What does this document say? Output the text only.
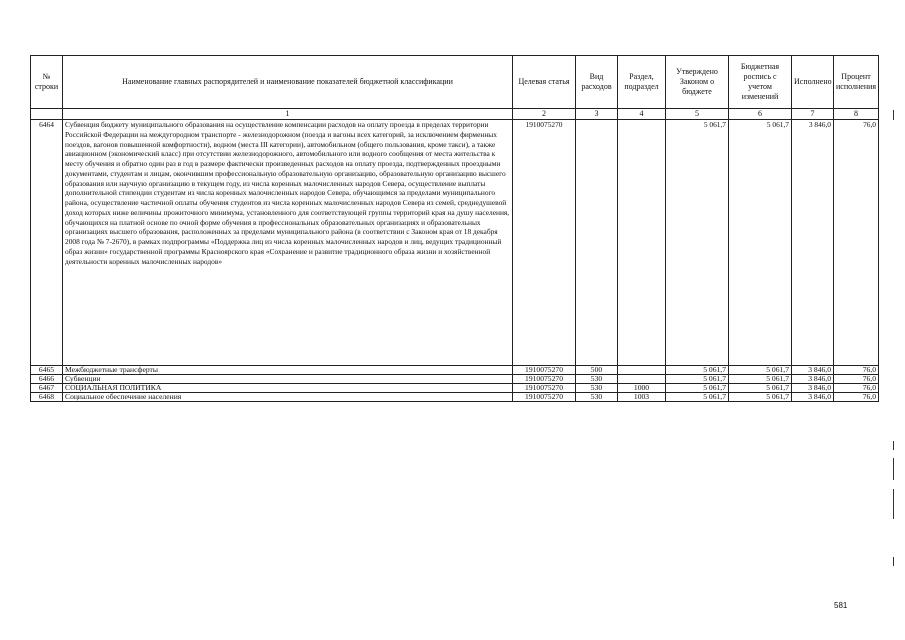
№ строки	Наименование главных распорядителей и наименование показателей бюджетной классификации	Целевая статья	Вид расходов	Раздел, подраздел	Утверждено Законом о бюджете	Бюджетная роспись с учетом изменений	Исполнено	Процент исполнения
	1	2	3	4	5	6	7	8
6464	Субвенция бюджету муниципального образования на осуществление компенсации расходов на оплату проезда в пределах территории Российской Федерации на междугородном транспорте - железнодорожном (поезда и вагоны всех категорий, за исключением фирменных поездов, вагонов повышенной комфортности), водном (места III категории), автомобильном (общего пользования, кроме такси), а также авиационном (экономический класс) при отсутствии железнодорожного, автомобильного или водного сообщения от места жительства к месту обучения и обратно один раз в год в размере фактически произведенных расходов на оплату проезда, подтвержденных проездными документами, студентам и лицам, окончившим профессиональную образовательную организацию, образовательную организацию высшего образования или научную организацию в текущем году, из числа коренных малочисленных народов Севера, осуществление выплаты дополнительной стипендии студентам из числа коренных малочисленных народов Севера, обучающимся за пределами муниципального района, осуществление частичной оплаты обучения студентов из числа коренных малочисленных народов Севера из семей, среднедушевой доход которых ниже величины прожиточного минимума, установленного для соответствующей группы территорий края на душу населения, обучающихся на платной основе по очной форме обучения в профессиональных образовательных организациях и образовательных организациях высшего образования, расположенных за пределами муниципального района (в соответствии с Законом края от 18 декабря 2008 года № 7-2670), в рамках подпрограммы «Поддержка лиц из числа коренных малочисленных народов и лиц, ведущих традиционный образ жизни» государственной программы Красноярского края «Сохранение и развитие традиционного образа жизни и хозяйственной деятельности коренных малочисленных народов»	1910075270			5 061,7	5 061,7	3 846,0	76,0
6465	Межбюджетные трансферты	1910075270	500		5 061,7	5 061,7	3 846,0	76,0
6466	Субвенции	1910075270	530		5 061,7	5 061,7	3 846,0	76,0
6467	СОЦИАЛЬНАЯ ПОЛИТИКА	1910075270	530	1000	5 061,7	5 061,7	3 846,0	76,0
6468	Социальное обеспечение населения	1910075270	530	1003	5 061,7	5 061,7	3 846,0	76,0
581
